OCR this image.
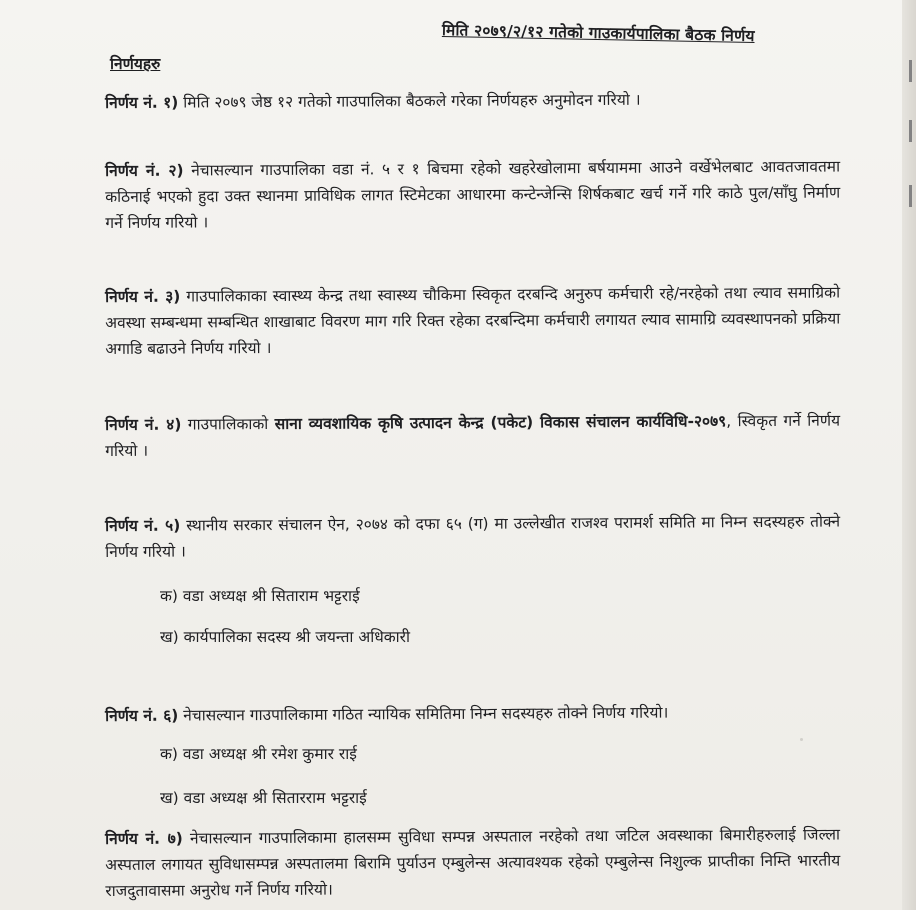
मिति २०७९/२/१२ गतेको गाउकार्यपालिका बैठक निर्णय
निर्णयहरु
निर्णय नं. १) मिति २०७९ जेष्ठ १२ गतेको गाउपालिका बैठकले गरेका निर्णयहरु अनुमोदन गरियो ।
निर्णय नं. २) नेचासल्यान गाउपालिका वडा नं. ५ र १ बिचमा रहेको खहरेखोलामा बर्षयाममा आउने वर्खेभेलबाट आवतजावतमा कठिनाई भएको हुदा उक्त स्थानमा प्राविधिक लागत स्टिमेटका आधारमा कन्टेन्जेन्सि शिर्षकबाट खर्च गर्ने गरि काठे पुल/साँघु निर्माण गर्ने निर्णय गरियो ।
निर्णय नं. ३) गाउपालिकाका स्वास्थ्य केन्द्र तथा स्वास्थ्य चौकिमा स्विकृत दरबन्दि अनुरुप कर्मचारी रहे/नरहेको तथा ल्याव समाग्रिको अवस्था सम्बन्धमा सम्बन्धित शाखाबाट विवरण माग गरि रिक्त रहेका दरबन्दिमा कर्मचारी लगायत ल्याव सामाग्रि व्यवस्थापनको प्रक्रिया अगाडि बढाउने निर्णय गरियो ।
निर्णय नं. ४) गाउपालिकाको साना व्यवशायिक कृषि उत्पादन केन्द्र (पकेट) विकास संचालन कार्यविधि-२०७९, स्विकृत गर्ने निर्णय गरियो ।
निर्णय नं. ५) स्थानीय सरकार संचालन ऐन, २०७४ को दफा ६५ (ग) मा उल्लेखीत राजश्व परामर्श समिति मा निम्न सदस्यहरु तोक्ने निर्णय गरियो ।
क) वडा अध्यक्ष श्री सिताराम भट्टराई
ख) कार्यपालिका सदस्य श्री जयन्ता अधिकारी
निर्णय नं. ६) नेचासल्यान गाउपालिकामा गठित न्यायिक समितिमा निम्न सदस्यहरु तोक्ने निर्णय गरियो।
क) वडा अध्यक्ष श्री रमेश कुमार राई
ख) वडा अध्यक्ष श्री सितारराम भट्टराई
निर्णय नं. ७) नेचासल्यान गाउपालिकामा हालसम्म सुविधा सम्पन्न अस्पताल नरहेको तथा जटिल अवस्थाका बिमारीहरुलाई जिल्ला अस्पताल लगायत सुविधासम्पन्न अस्पतालमा बिरामि पुर्याउन एम्बुलेन्स अत्यावश्यक रहेको एम्बुलेन्स निशुल्क प्राप्तीका निम्ति भारतीय राजदुतावासमा अनुरोध गर्ने निर्णय गरियो।
